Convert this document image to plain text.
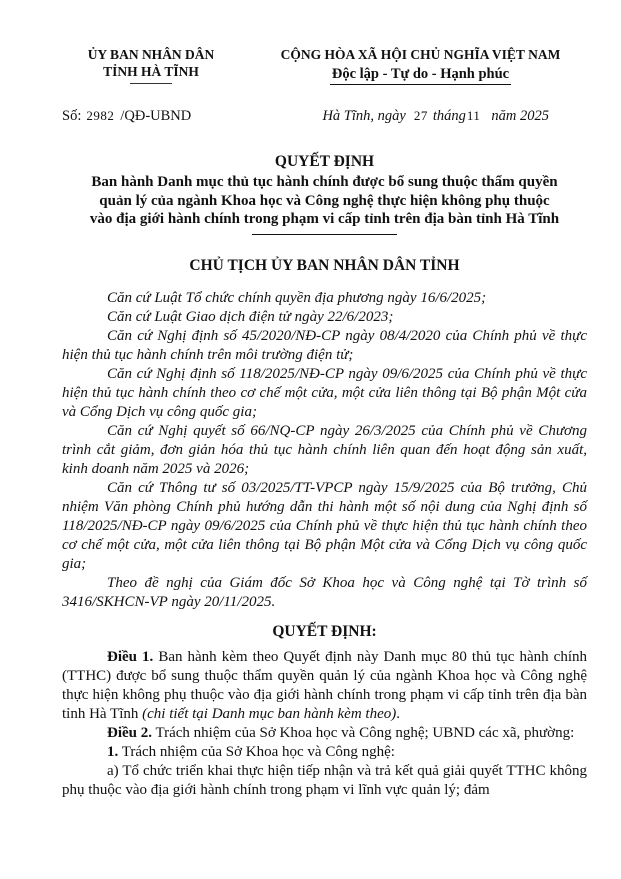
ỦY BAN NHÂN DÂN
TỈNH HÀ TĨNH
CỘNG HÒA XÃ HỘI CHỦ NGHĨA VIỆT NAM
Độc lập - Tự do - Hạnh phúc
Số: 2982 /QĐ-UBND	Hà Tĩnh, ngày 27 tháng11 năm 2025
QUYẾT ĐỊNH
Ban hành Danh mục thủ tục hành chính được bổ sung thuộc thẩm quyền quản lý của ngành Khoa học và Công nghệ thực hiện không phụ thuộc vào địa giới hành chính trong phạm vi cấp tỉnh trên địa bàn tỉnh Hà Tĩnh
CHỦ TỊCH ỦY BAN NHÂN DÂN TỈNH

Căn cứ Luật Tổ chức chính quyền địa phương ngày 16/6/2025;

Căn cứ Luật Giao dịch điện tử ngày 22/6/2023;

Căn cứ Nghị định số 45/2020/NĐ-CP ngày 08/4/2020 của Chính phủ về thực hiện thủ tục hành chính trên môi trường điện tử;

Căn cứ Nghị định số 118/2025/NĐ-CP ngày 09/6/2025 của Chính phủ về thực hiện thủ tục hành chính theo cơ chế một cửa, một cửa liên thông tại Bộ phận Một cửa và Cổng Dịch vụ công quốc gia;

Căn cứ Nghị quyết số 66/NQ-CP ngày 26/3/2025 của Chính phủ về Chương trình cắt giảm, đơn giản hóa thủ tục hành chính liên quan đến hoạt động sản xuất, kinh doanh năm 2025 và 2026;

Căn cứ Thông tư số 03/2025/TT-VPCP ngày 15/9/2025 của Bộ trưởng, Chủ nhiệm Văn phòng Chính phủ hướng dẫn thi hành một số nội dung của Nghị định số 118/2025/NĐ-CP ngày 09/6/2025 của Chính phủ về thực hiện thủ tục hành chính theo cơ chế một cửa, một cửa liên thông tại Bộ phận Một cửa và Cổng Dịch vụ công quốc gia;

Theo đề nghị của Giám đốc Sở Khoa học và Công nghệ tại Tờ trình số 3416/SKHCN-VP ngày 20/11/2025.

QUYẾT ĐỊNH:

Điều 1. Ban hành kèm theo Quyết định này Danh mục 80 thủ tục hành chính (TTHC) được bổ sung thuộc thẩm quyền quản lý của ngành Khoa học và Công nghệ thực hiện không phụ thuộc vào địa giới hành chính trong phạm vi cấp tỉnh trên địa bàn tỉnh Hà Tĩnh (chi tiết tại Danh mục ban hành kèm theo).

Điều 2. Trách nhiệm của Sở Khoa học và Công nghệ; UBND các xã, phường:

1. Trách nhiệm của Sở Khoa học và Công nghệ:

a) Tổ chức triển khai thực hiện tiếp nhận và trả kết quả giải quyết TTHC không phụ thuộc vào địa giới hành chính trong phạm vi lĩnh vực quản lý; đảm
